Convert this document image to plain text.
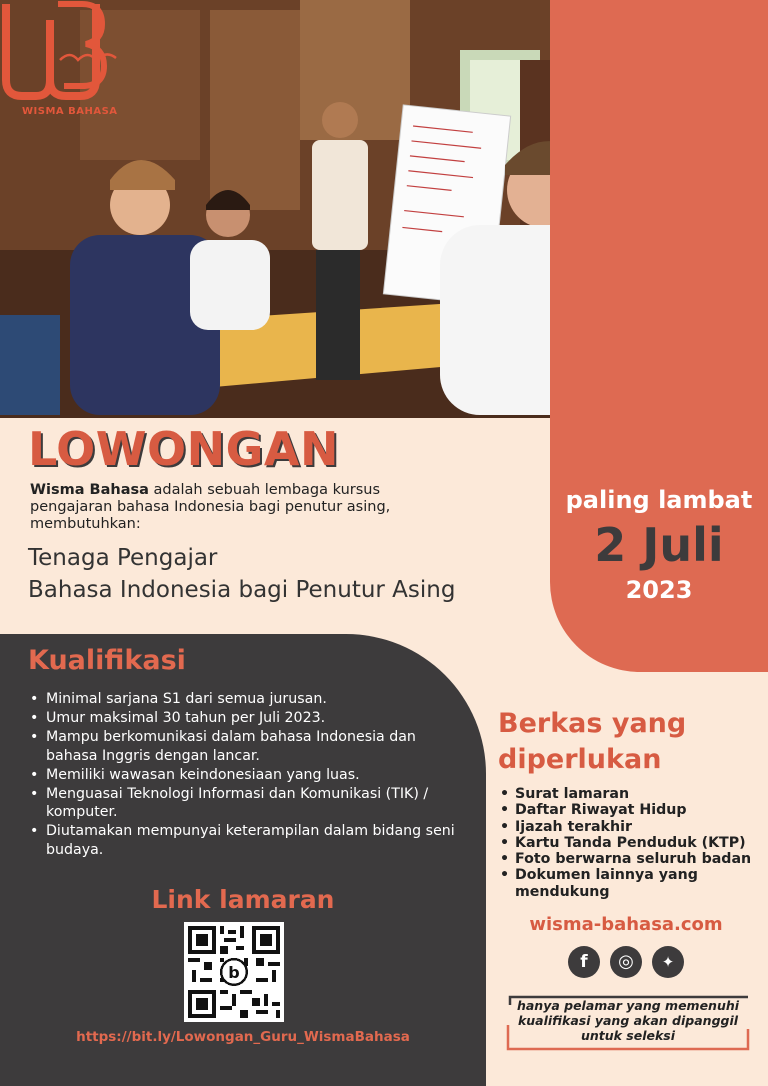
WISMA BAHASA
paling lambat
2 Juli
2023
LOWONGAN
Wisma Bahasa adalah sebuah lembaga kursus pengajaran bahasa Indonesia bagi penutur asing, membutuhkan:
Tenaga Pengajar
Bahasa Indonesia bagi Penutur Asing
Kualifikasi
• Minimal sarjana S1 dari semua jurusan.
• Umur maksimal 30 tahun per Juli 2023.
• Mampu berkomunikasi dalam bahasa Indonesia dan bahasa Inggris dengan lancar.
• Memiliki wawasan keindonesiaan yang luas.
• Menguasai Teknologi Informasi dan Komunikasi (TIK) / komputer.
• Diutamakan mempunyai keterampilan dalam bidang seni budaya.
Link lamaran
b
https://bit.ly/Lowongan_Guru_WismaBahasa
Berkas yang diperlukan
• Surat lamaran
• Daftar Riwayat Hidup
• Ijazah terakhir
• Kartu Tanda Penduduk (KTP)
• Foto berwarna seluruh badan
• Dokumen lainnya yang mendukung
wisma-bahasa.com
f	◎	✦
hanya pelamar yang memenuhi kualifikasi yang akan dipanggil untuk seleksi
